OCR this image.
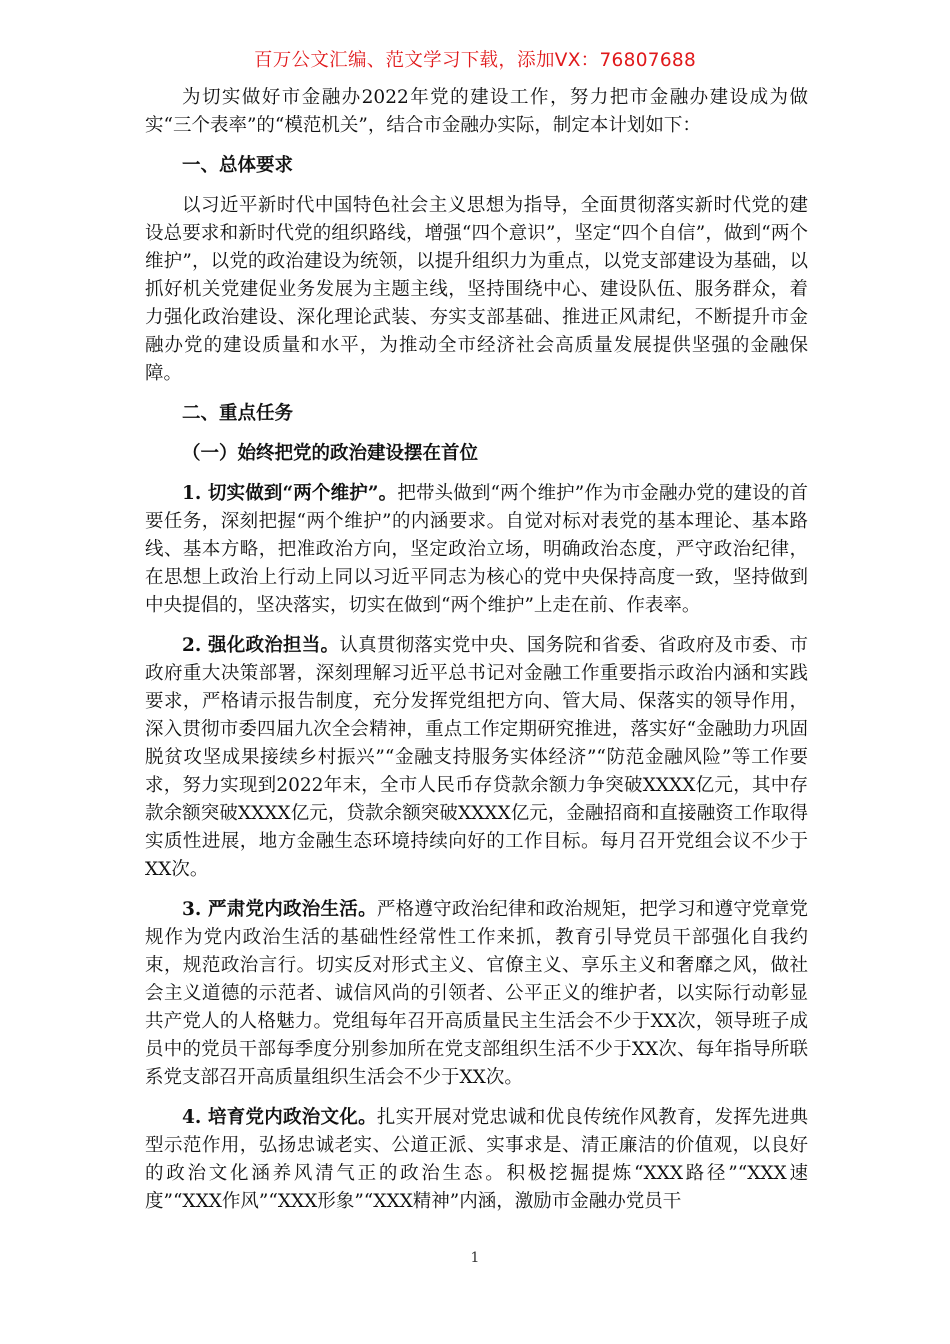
百万公文汇编、范文学习下载，添加VX：76807688

为切实做好市金融办2022年党的建设工作，努力把市金融办建设成为做实“三个表率”的“模范机关”，结合市金融办实际，制定本计划如下：

一、总体要求

以习近平新时代中国特色社会主义思想为指导，全面贯彻落实新时代党的建设总要求和新时代党的组织路线，增强“四个意识”，坚定“四个自信”，做到“两个维护”，以党的政治建设为统领，以提升组织力为重点，以党支部建设为基础，以抓好机关党建促业务发展为主题主线，坚持围绕中心、建设队伍、服务群众，着力强化政治建设、深化理论武装、夯实支部基础、推进正风肃纪，不断提升市金融办党的建设质量和水平，为推动全市经济社会高质量发展提供坚强的金融保障。

二、重点任务
（一）始终把党的政治建设摆在首位

1. 切实做到“两个维护”。把带头做到“两个维护”作为市金融办党的建设的首要任务，深刻把握“两个维护”的内涵要求。自觉对标对表党的基本理论、基本路线、基本方略，把准政治方向，坚定政治立场，明确政治态度，严守政治纪律，在思想上政治上行动上同以习近平同志为核心的党中央保持高度一致，坚持做到中央提倡的，坚决落实，切实在做到“两个维护”上走在前、作表率。

2. 强化政治担当。认真贯彻落实党中央、国务院和省委、省政府及市委、市政府重大决策部署，深刻理解习近平总书记对金融工作重要指示政治内涵和实践要求，严格请示报告制度，充分发挥党组把方向、管大局、保落实的领导作用，深入贯彻市委四届九次全会精神，重点工作定期研究推进，落实好“金融助力巩固脱贫攻坚成果接续乡村振兴”“金融支持服务实体经济”“防范金融风险”等工作要求，努力实现到2022年末，全市人民币存贷款余额力争突破XXXX亿元，其中存款余额突破XXXX亿元，贷款余额突破XXXX亿元，金融招商和直接融资工作取得实质性进展，地方金融生态环境持续向好的工作目标。每月召开党组会议不少于XX次。

3. 严肃党内政治生活。严格遵守政治纪律和政治规矩，把学习和遵守党章党规作为党内政治生活的基础性经常性工作来抓，教育引导党员干部强化自我约束，规范政治言行。切实反对形式主义、官僚主义、享乐主义和奢靡之风，做社会主义道德的示范者、诚信风尚的引领者、公平正义的维护者，以实际行动彰显共产党人的人格魅力。党组每年召开高质量民主生活会不少于XX次，领导班子成员中的党员干部每季度分别参加所在党支部组织生活不少于XX次、每年指导所联系党支部召开高质量组织生活会不少于XX次。

4. 培育党内政治文化。扎实开展对党忠诚和优良传统作风教育，发挥先进典型示范作用，弘扬忠诚老实、公道正派、实事求是、清正廉洁的价值观，以良好的政治文化涵养风清气正的政治生态。积极挖掘提炼“XXX路径”“XXX速度”“XXX作风”“XXX形象”“XXX精神”内涵，激励市金融办党员干

1
